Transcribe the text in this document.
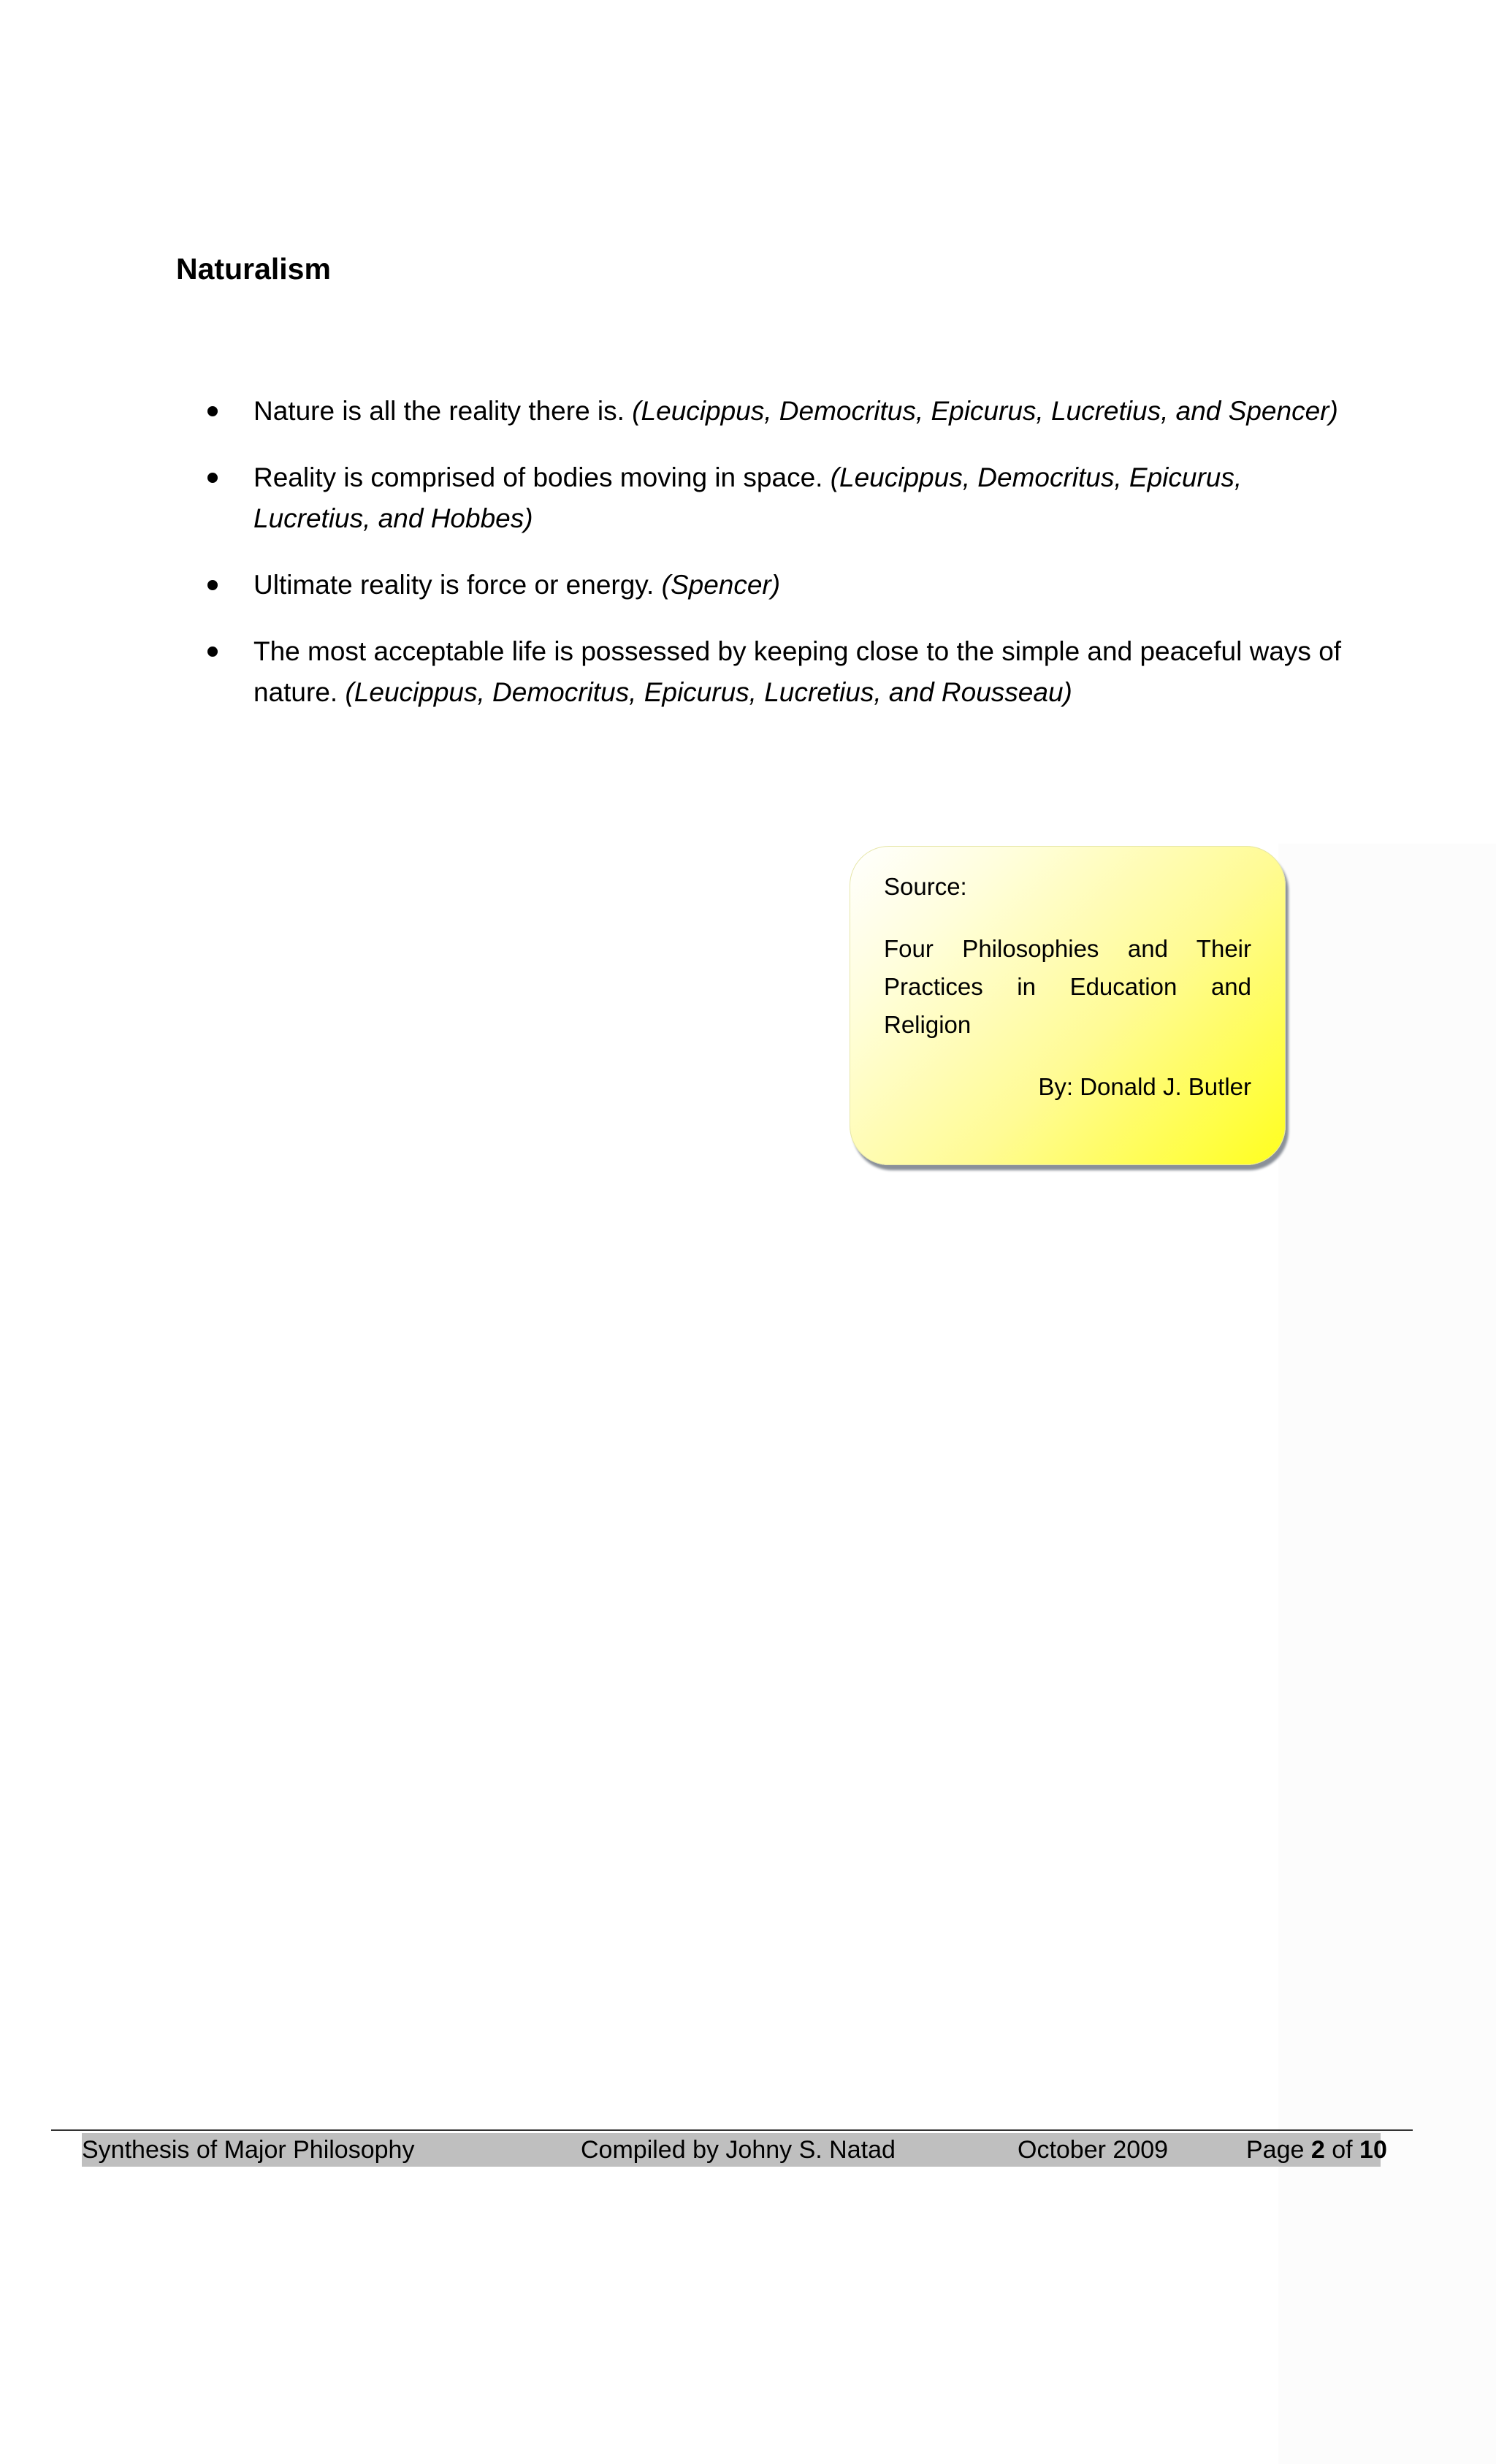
Naturalism
Nature is all the reality there is. (Leucippus, Democritus, Epicurus, Lucretius, and Spencer)
Reality is comprised of bodies moving in space. (Leucippus, Democritus, Epicurus, Lucretius, and Hobbes)
Ultimate reality is force or energy. (Spencer)
The most acceptable life is possessed by keeping close to the simple and peaceful ways of nature. (Leucippus, Democritus, Epicurus, Lucretius, and Rousseau)

Source:

Four Philosophies and Their Practices in Education and
Religion

By: Donald J. Butler

Synthesis of Major Philosophy	Compiled by Johny S. Natad	October 2009	Page 2 of 10
